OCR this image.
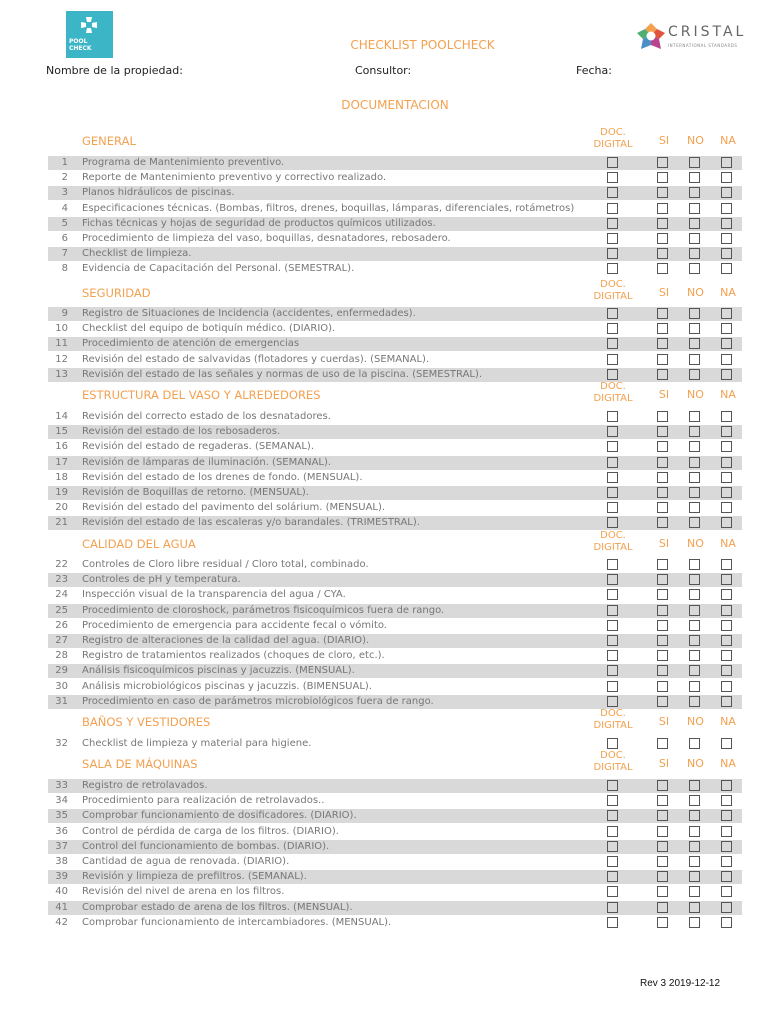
POOL
CHECK	CHECKLIST POOLCHECK
CRISTAL
INTERNATIONAL STANDARDS
Nombre de la propiedad:	Consultor:	Fecha:
DOCUMENTACION
GENERAL
DOC. DIGITAL	SI	NO	NA
1 Programa de Mantenimiento preventivo.
2 Reporte de Mantenimiento preventivo y correctivo realizado.
3 Planos hidráulicos de piscinas.
4 Especificaciones técnicas. (Bombas, filtros, drenes, boquillas, lámparas, diferenciales, rotámetros)
5 Fichas técnicas y hojas de seguridad de productos químicos utilizados.
6 Procedimiento de limpieza del vaso, boquillas, desnatadores, rebosadero.
7 Checklist de limpieza.
8 Evidencia de Capacitación del Personal. (SEMESTRAL).
SEGURIDAD
DOC. DIGITAL	SI	NO	NA
9 Registro de Situaciones de Incidencia (accidentes, enfermedades).
10 Checklist del equipo de botiquín médico. (DIARIO).
11 Procedimiento de atención de emergencias
12 Revisión del estado de salvavidas (flotadores y cuerdas). (SEMANAL).
13 Revisión del estado de las señales y normas de uso de la piscina. (SEMESTRAL).
ESTRUCTURA DEL VASO Y ALREDEDORES
DOC. DIGITAL	SI	NO	NA
14 Revisión del correcto estado de los desnatadores.
15 Revisión del estado de los rebosaderos.
16 Revisión del estado de regaderas. (SEMANAL).
17 Revisión de lámparas de iluminación. (SEMANAL).
18 Revisión del estado de los drenes de fondo. (MENSUAL).
19 Revisión de Boquillas de retorno. (MENSUAL).
20 Revisión del estado del pavimento del solárium. (MENSUAL).
21 Revisión del estado de las escaleras y/o barandales. (TRIMESTRAL).
CALIDAD DEL AGUA
DOC. DIGITAL	SI	NO	NA
22 Controles de Cloro libre residual / Cloro total, combinado.
23 Controles de pH y temperatura.
24 Inspección visual de la transparencia del agua / CYA.
25 Procedimiento de cloroshock, parámetros fisicoquímicos fuera de rango.
26 Procedimiento de emergencia para accidente fecal o vómito.
27 Registro de alteraciones de la calidad del agua. (DIARIO).
28 Registro de tratamientos realizados (choques de cloro, etc.).
29 Análisis fisicoquímicos piscinas y jacuzzis. (MENSUAL).
30 Análisis microbiológicos piscinas y jacuzzis. (BIMENSUAL).
31 Procedimiento en caso de parámetros microbiológicos fuera de rango.
BAÑOS Y VESTIDORES
DOC. DIGITAL	SI	NO	NA
32 Checklist de limpieza y material para higiene.
SALA DE MÁQUINAS
DOC. DIGITAL	SI	NO	NA
33 Registro de retrolavados.
34 Procedimiento para realización de retrolavados..
35 Comprobar funcionamiento de dosificadores. (DIARIO).
36 Control de pérdida de carga de los filtros. (DIARIO).
37 Control del funcionamiento de bombas. (DIARIO).
38 Cantidad de agua de renovada. (DIARIO).
39 Revisión y limpieza de prefiltros. (SEMANAL).
40 Revisión del nivel de arena en los filtros.
41 Comprobar estado de arena de los filtros. (MENSUAL).
42 Comprobar funcionamiento de intercambiadores. (MENSUAL).
Rev 3 2019-12-12
